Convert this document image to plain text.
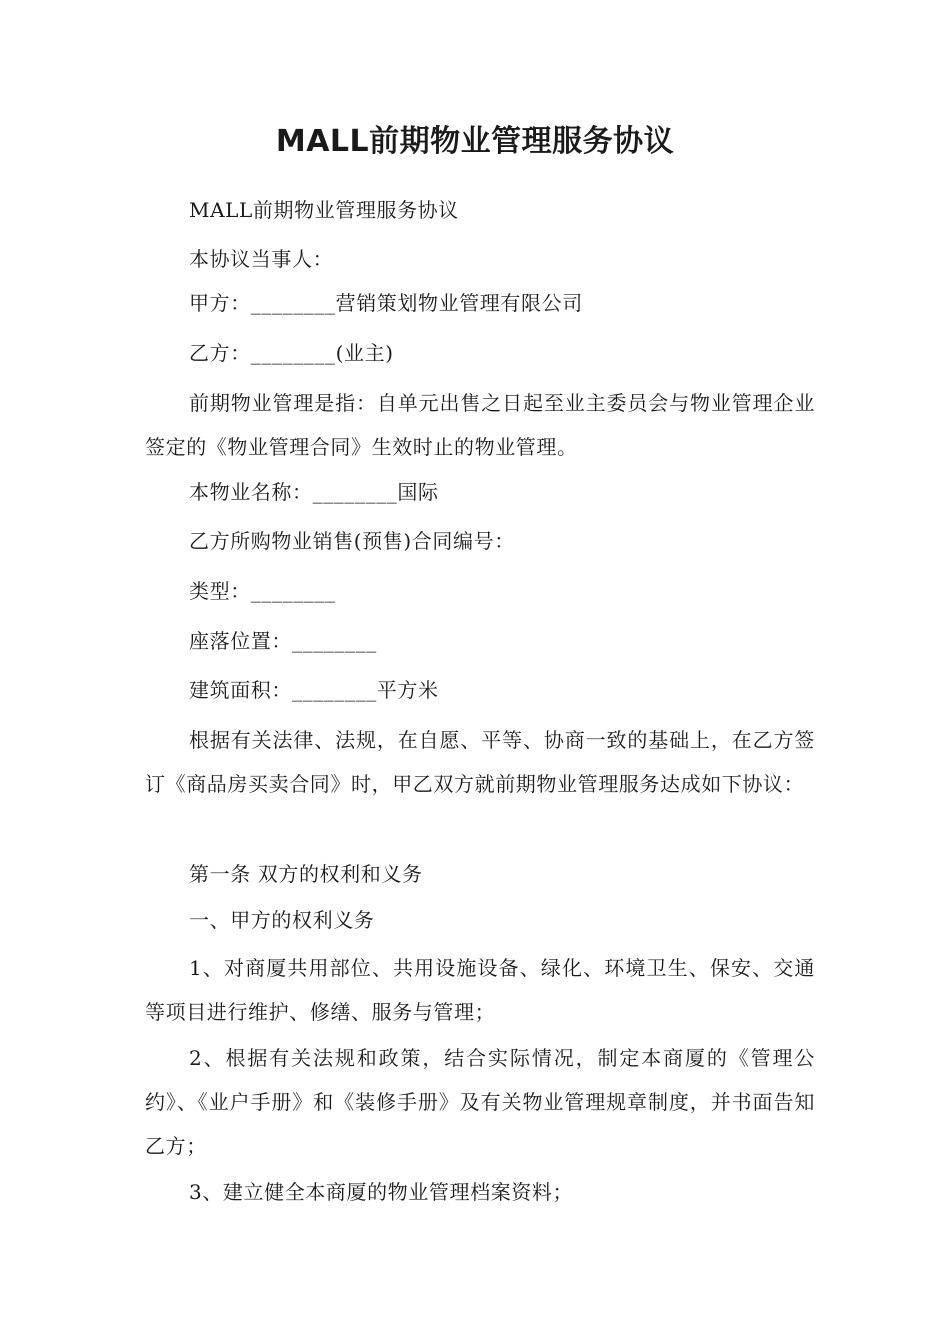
MALL前期物业管理服务协议

MALL前期物业管理服务协议

本协议当事人：

甲方：________营销策划物业管理有限公司

乙方：________(业主)

前期物业管理是指：自单元出售之日起至业主委员会与物业管理企业签定的《物业管理合同》生效时止的物业管理。

本物业名称：________国际

乙方所购物业销售(预售)合同编号：

类型：________

座落位置：________

建筑面积：________平方米

根据有关法律、法规，在自愿、平等、协商一致的基础上，在乙方签订《商品房买卖合同》时，甲乙双方就前期物业管理服务达成如下协议：

第一条 双方的权利和义务

一、甲方的权利义务

1、对商厦共用部位、共用设施设备、绿化、环境卫生、保安、交通等项目进行维护、修缮、服务与管理；

2、根据有关法规和政策，结合实际情况，制定本商厦的《管理公约》、《业户手册》和《装修手册》及有关物业管理规章制度，并书面告知乙方；

3、建立健全本商厦的物业管理档案资料；
